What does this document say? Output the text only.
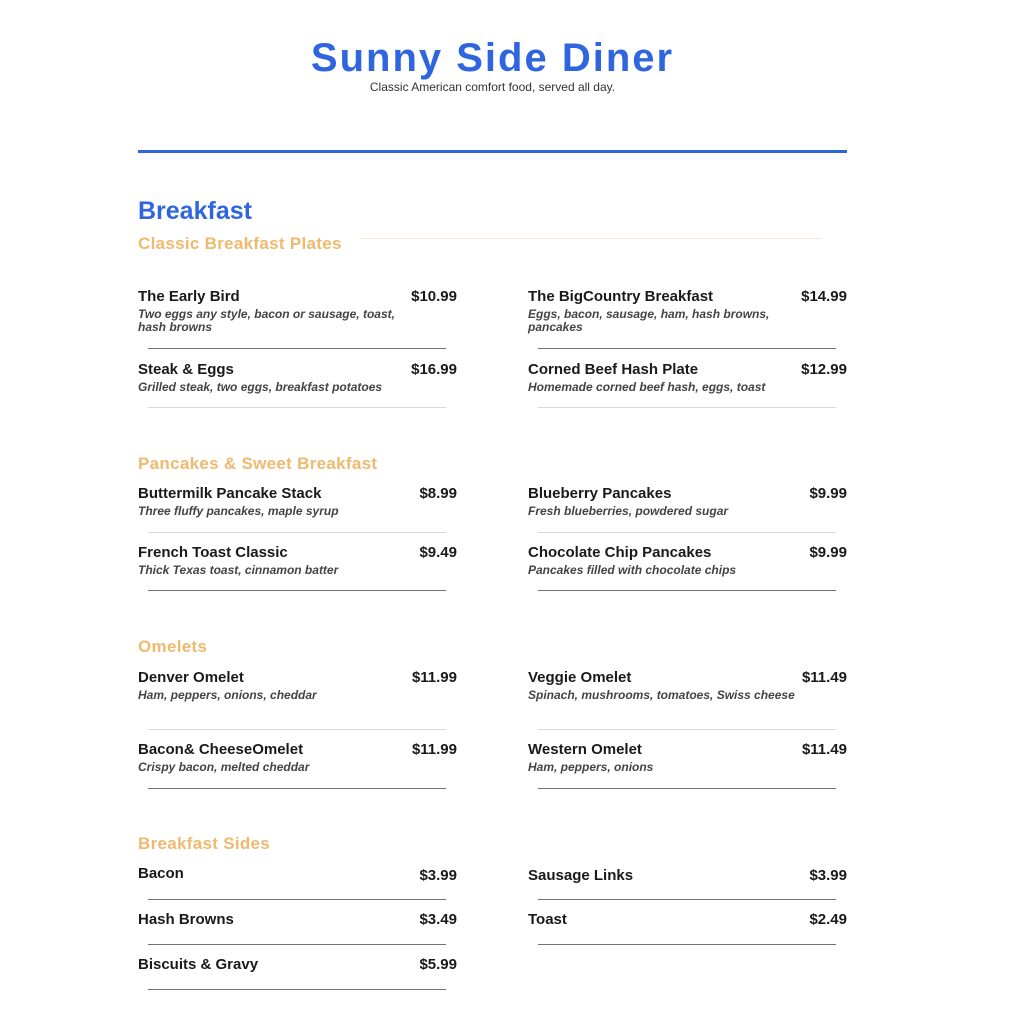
Sunny Side Diner
Classic American comfort food, served all day.
Breakfast
Classic Breakfast Plates
The Early Bird	$10.99
Two eggs any style, bacon or sausage, toast, hash browns
The BigCountry Breakfast	$14.99
Eggs, bacon, sausage, ham, hash browns, pancakes
Steak & Eggs	$16.99
Grilled steak, two eggs, breakfast potatoes
Corned Beef Hash Plate	$12.99
Homemade corned beef hash, eggs, toast
Pancakes & Sweet Breakfast
Buttermilk Pancake Stack	$8.99
Three fluffy pancakes, maple syrup
Blueberry Pancakes	$9.99
Fresh blueberries, powdered sugar
French Toast Classic	$9.49
Thick Texas toast, cinnamon batter
Chocolate Chip Pancakes	$9.99
Pancakes filled with chocolate chips
Omelets
Denver Omelet	$11.99
Ham, peppers, onions, cheddar
Veggie Omelet	$11.49
Spinach, mushrooms, tomatoes, Swiss cheese
Bacon& CheeseOmelet	$11.99
Crispy bacon, melted cheddar
Western Omelet	$11.49
Ham, peppers, onions
Breakfast Sides
Bacon	$3.99	Sausage Links	$3.99
Hash Browns	$3.49	Toast	$2.49
Biscuits & Gravy	$5.99
